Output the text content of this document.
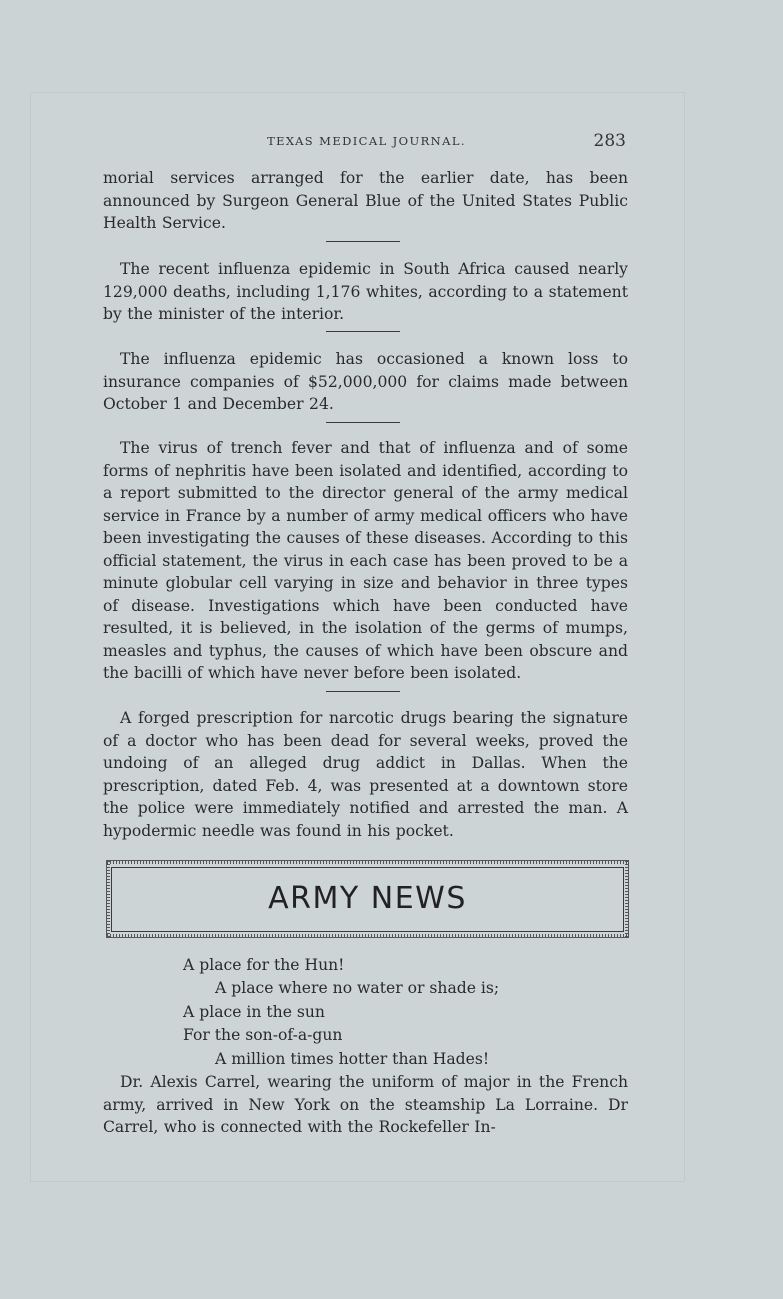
TEXAS MEDICAL JOURNAL.	283

morial services arranged for the earlier date, has been announced by Surgeon General Blue of the United States Public Health Service.

The recent influenza epidemic in South Africa caused nearly 129,000 deaths, including 1,176 whites, according to a statement by the minister of the interior.

The influenza epidemic has occasioned a known loss to insurance companies of $52,000,000 for claims made between October 1 and December 24.

The virus of trench fever and that of influenza and of some forms of nephritis have been isolated and identified, according to a report submitted to the director general of the army medical service in France by a number of army medical officers who have been investigating the causes of these diseases. According to this official statement, the virus in each case has been proved to be a minute globular cell varying in size and behavior in three types of disease. Investigations which have been conducted have resulted, it is believed, in the isolation of the germs of mumps, measles and typhus, the causes of which have been obscure and the bacilli of which have never before been isolated.

A forged prescription for narcotic drugs bearing the signature of a doctor who has been dead for several weeks, proved the undoing of an alleged drug addict in Dallas. When the prescription, dated Feb. 4, was presented at a downtown store the police were immediately notified and arrested the man. A hypodermic needle was found in his pocket.

ARMY NEWS
A place for the Hun!
A place where no water or shade is;
A place in the sun
For the son-of-a-gun
A million times hotter than Hades!

Dr. Alexis Carrel, wearing the uniform of major in the French army, arrived in New York on the steamship La Lorraine. Dr Carrel, who is connected with the Rockefeller In-
